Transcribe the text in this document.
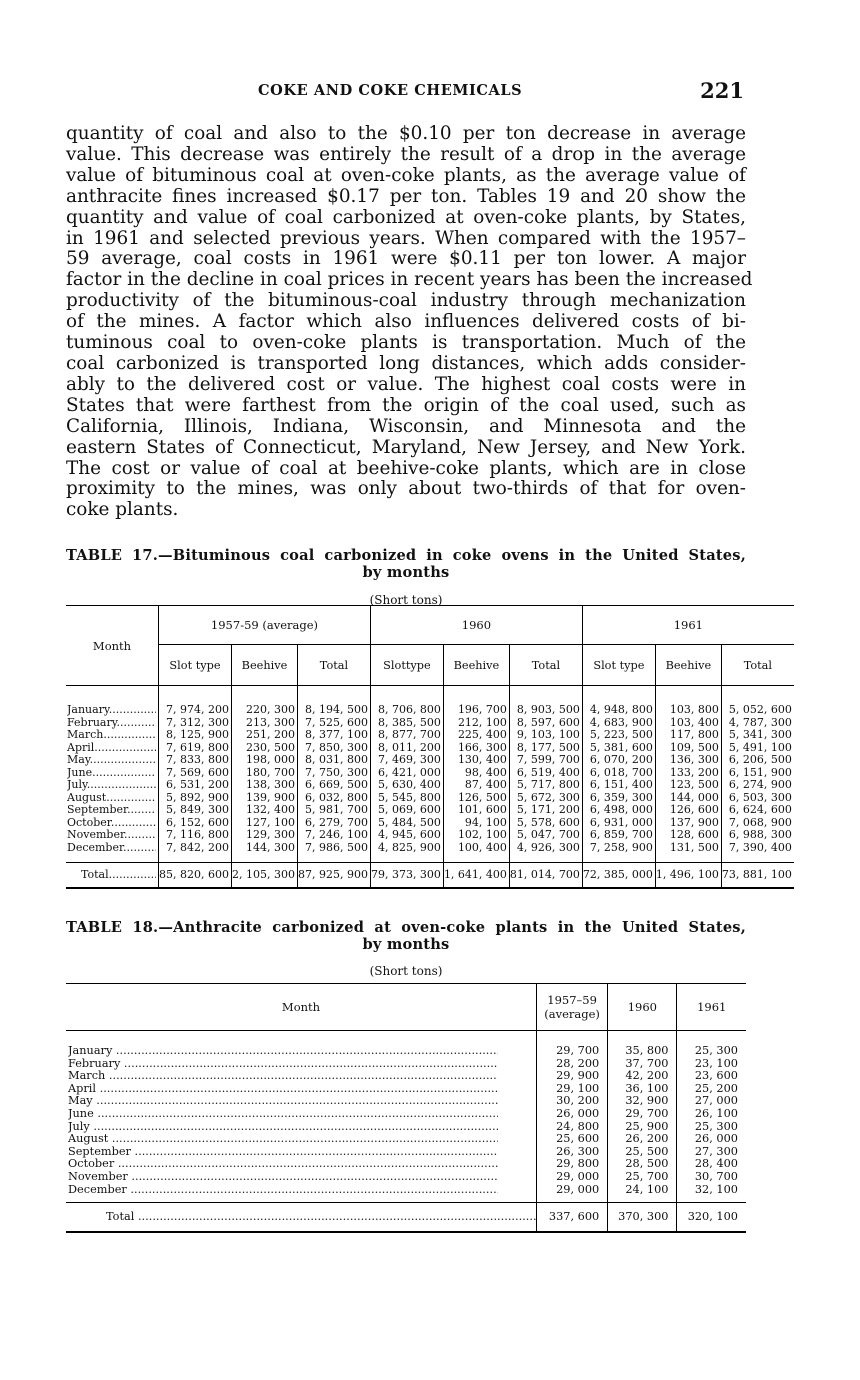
COKE AND COKE CHEMICALS	221

quantity of coal and also to the $0.10 per ton decrease in average
value. This decrease was entirely the result of a drop in the average
value of bituminous coal at oven-coke plants, as the average value of
anthracite fines increased $0.17 per ton. Tables 19 and 20 show the
quantity and value of coal carbonized at oven-coke plants, by States,
in 1961 and selected previous years. When compared with the 1957–
59 average, coal costs in 1961 were $0.11 per ton lower. A major
factor in the decline in coal prices in recent years has been the increased
productivity of the bituminous-coal industry through mechanization
of the mines. A factor which also influences delivered costs of bi-
tuminous coal to oven-coke plants is transportation. Much of the
coal carbonized is transported long distances, which adds consider-
ably to the delivered cost or value. The highest coal costs were in
States that were farthest from the origin of the coal used, such as
California, Illinois, Indiana, Wisconsin, and Minnesota and the
eastern States of Connecticut, Maryland, New Jersey, and New York.
The cost or value of coal at beehive-coke plants, which are in close
proximity to the mines, was only about two-thirds of that for oven-
coke plants.

TABLE 17.—Bituminous coal carbonized in coke ovens in the United States,
by months
(Short tons)
Month	1957-59 (average)			1960			1961		
	Slot type	Beehive	Total	Slottype	Beehive	Total	Slot type	Beehive	Total

January .....	7, 974, 200	220, 300	8, 194, 500	8, 706, 800	196, 700	8, 903, 500	4, 948, 800	103, 800	5, 052, 600

February .....	7, 312, 300	213, 300	7, 525, 600	8, 385, 500	212, 100	8, 597, 600	4, 683, 900	103, 400	4, 787, 300

March .....	8, 125, 900	251, 200	8, 377, 100	8, 877, 700	225, 400	9, 103, 100	5, 223, 500	117, 800	5, 341, 300

April .....	7, 619, 800	230, 500	7, 850, 300	8, 011, 200	166, 300	8, 177, 500	5, 381, 600	109, 500	5, 491, 100

May .....	7, 833, 800	198, 000	8, 031, 800	7, 469, 300	130, 400	7, 599, 700	6, 070, 200	136, 300	6, 206, 500

June .....	7, 569, 600	180, 700	7, 750, 300	6, 421, 000	98, 400	6, 519, 400	6, 018, 700	133, 200	6, 151, 900

July .....	6, 531, 200	138, 300	6, 669, 500	5, 630, 400	87, 400	5, 717, 800	6, 151, 400	123, 500	6, 274, 900

August .....	5, 892, 900	139, 900	6, 032, 800	5, 545, 800	126, 500	5, 672, 300	6, 359, 300	144, 000	6, 503, 300

September .....	5, 849, 300	132, 400	5, 981, 700	5, 069, 600	101, 600	5, 171, 200	6, 498, 000	126, 600	6, 624, 600

October .....	6, 152, 600	127, 100	6, 279, 700	5, 484, 500	94, 100	5, 578, 600	6, 931, 000	137, 900	7, 068, 900

November .....	7, 116, 800	129, 300	7, 246, 100	4, 945, 600	102, 100	5, 047, 700	6, 859, 700	128, 600	6, 988, 300

December .....	7, 842, 200	144, 300	7, 986, 500	4, 825, 900	100, 400	4, 926, 300	7, 258, 900	131, 500	7, 390, 400

Total .....	85, 820, 600	2, 105, 300	87, 925, 900	79, 373, 300	1, 641, 400	81, 014, 700	72, 385, 000	1, 496, 100	73, 881, 100
TABLE 18.—Anthracite carbonized at oven-coke plants in the United States,
by months
(Short tons)
Month	1957–59
(average)	1960	1961

January .....	29, 700	35, 800	25, 300

February .....	28, 200	37, 700	23, 100

March .....	29, 900	42, 200	23, 600

April .....	29, 100	36, 100	25, 200

May .....	30, 200	32, 900	27, 000

June .....	26, 000	29, 700	26, 100

July .....	24, 800	25, 900	25, 300

August .....	25, 600	26, 200	26, 000

September .....	26, 300	25, 500	27, 300

October .....	29, 800	28, 500	28, 400

November .....	29, 000	25, 700	30, 700

December .....	29, 000	24, 100	32, 100

Total .....	337, 600	370, 300	320, 100
